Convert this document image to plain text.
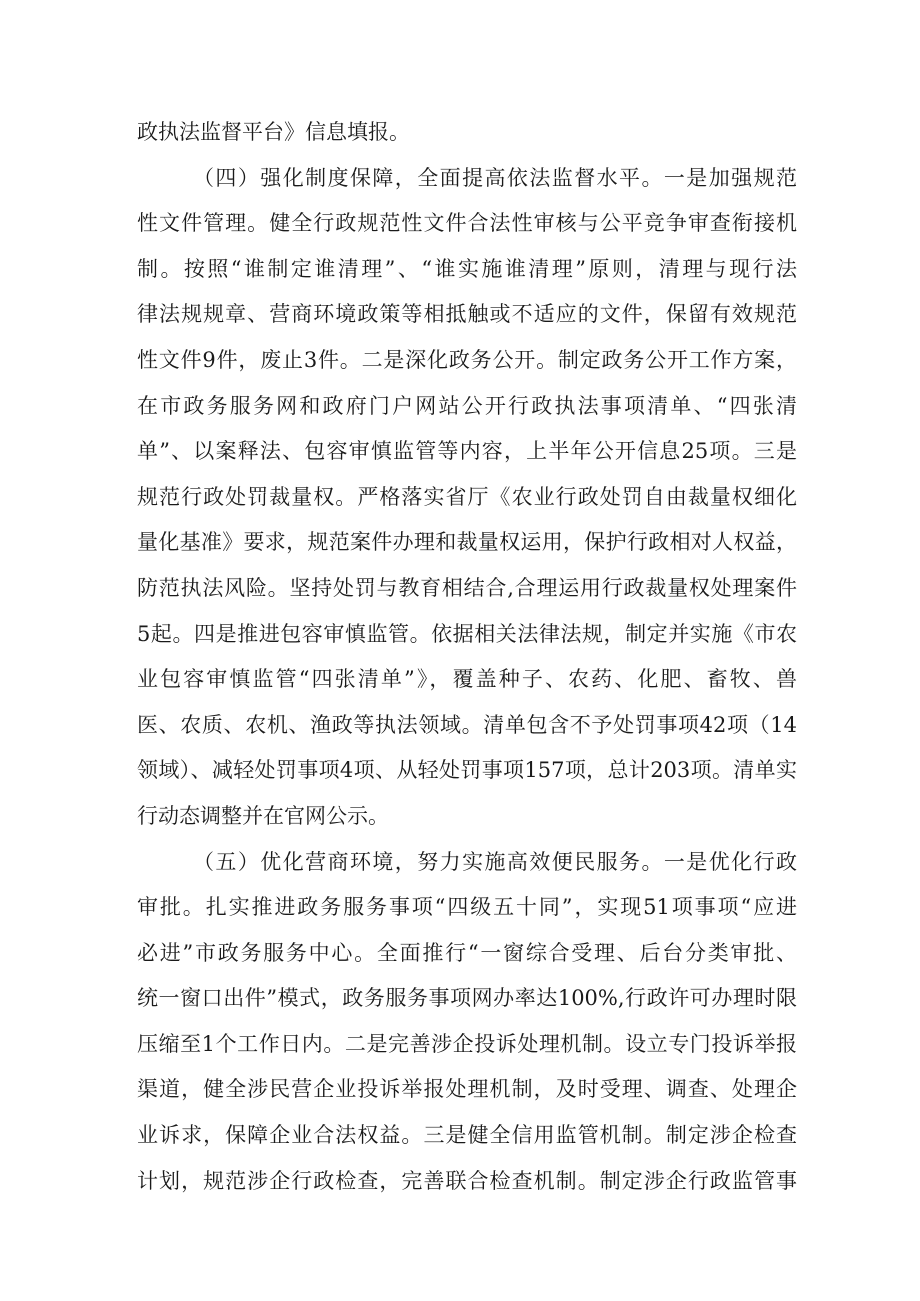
政执法监督平台》信息填报。
（四）强化制度保障，全面提高依法监督水平。一是加强规范
性文件管理。健全行政规范性文件合法性审核与公平竞争审查衔接机
制。按照“谁制定谁清理”、“谁实施谁清理”原则，清理与现行法
律法规规章、营商环境政策等相抵触或不适应的文件，保留有效规范
性文件9件，废止3件。二是深化政务公开。制定政务公开工作方案，
在市政务服务网和政府门户网站公开行政执法事项清单、“四张清
单”、以案释法、包容审慎监管等内容，上半年公开信息25项。三是
规范行政处罚裁量权。严格落实省厅《农业行政处罚自由裁量权细化
量化基准》要求，规范案件办理和裁量权运用，保护行政相对人权益，
防范执法风险。坚持处罚与教育相结合,合理运用行政裁量权处理案件
5起。四是推进包容审慎监管。依据相关法律法规，制定并实施《市农
业包容审慎监管“四张清单”》，覆盖种子、农药、化肥、畜牧、兽
医、农质、农机、渔政等执法领域。清单包含不予处罚事项42项（14
领域）、减轻处罚事项4项、从轻处罚事项157项，总计203项。清单实
行动态调整并在官网公示。
（五）优化营商环境，努力实施高效便民服务。一是优化行政
审批。扎实推进政务服务事项“四级五十同”，实现51项事项“应进
必进”市政务服务中心。全面推行“一窗综合受理、后台分类审批、
统一窗口出件”模式，政务服务事项网办率达100%,行政许可办理时限
压缩至1个工作日内。二是完善涉企投诉处理机制。设立专门投诉举报
渠道，健全涉民营企业投诉举报处理机制，及时受理、调查、处理企
业诉求，保障企业合法权益。三是健全信用监管机制。制定涉企检查
计划，规范涉企行政检查，完善联合检查机制。制定涉企行政监管事
